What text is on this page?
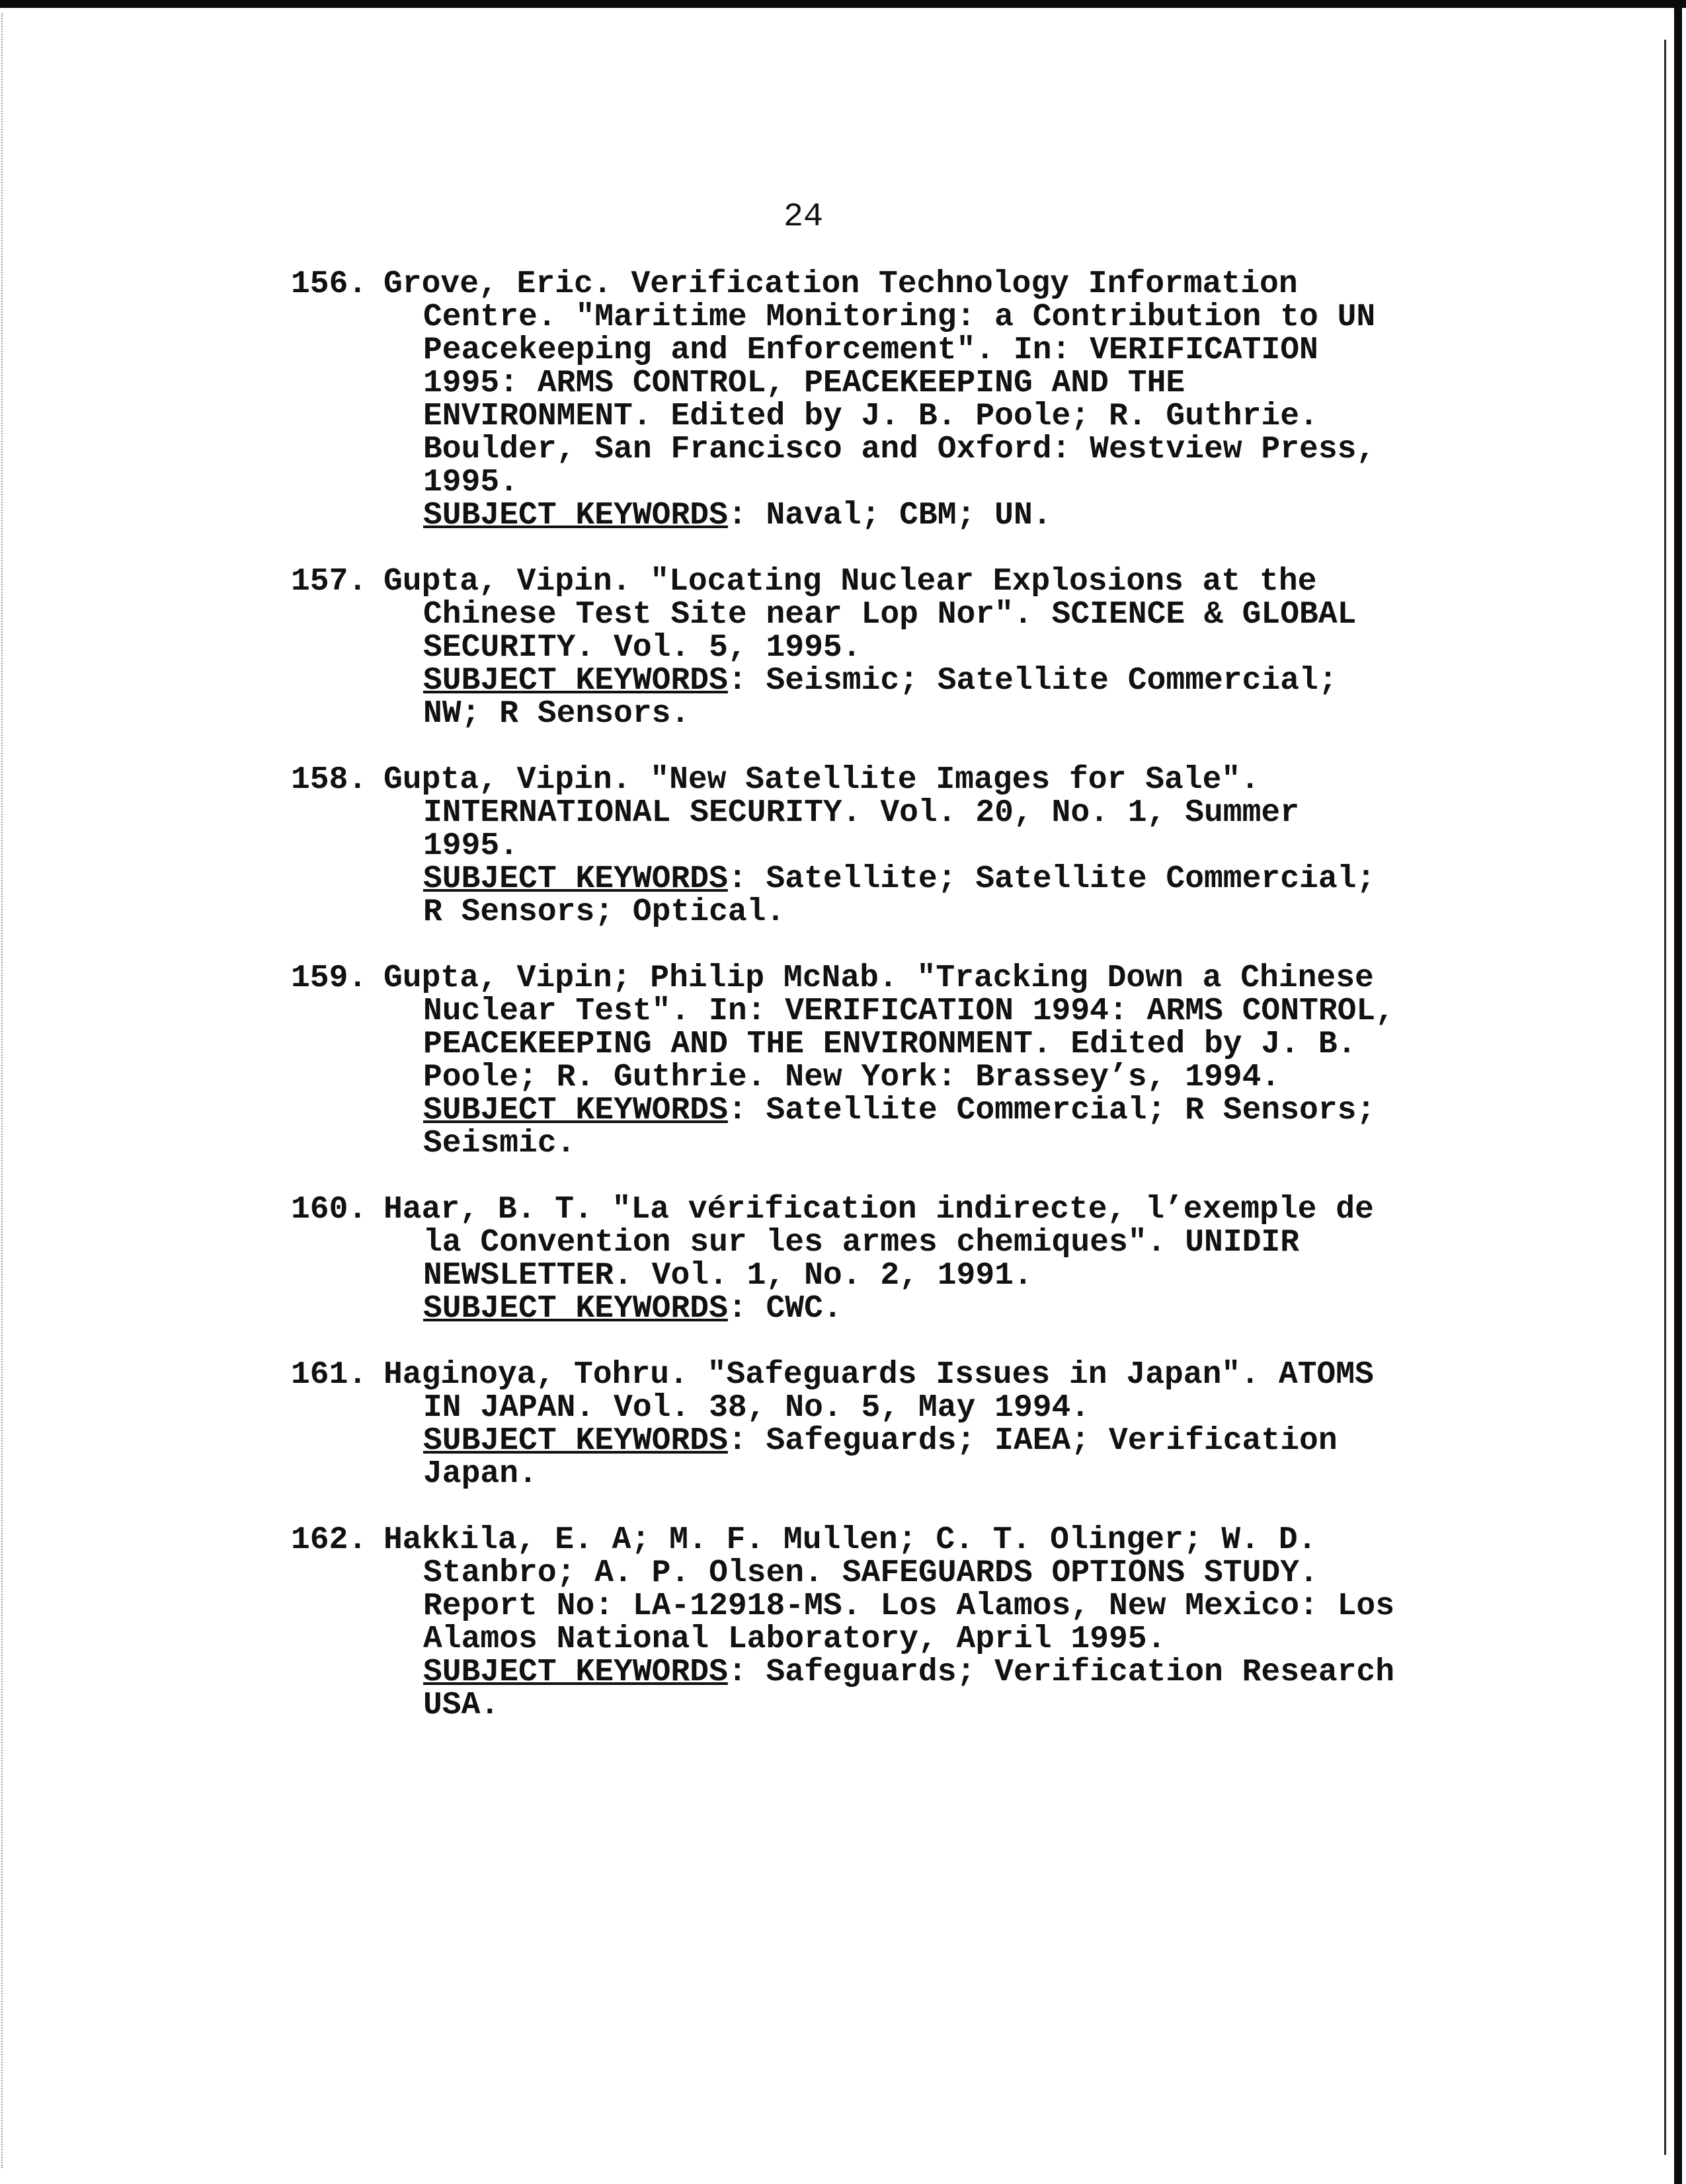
24
156. Grove, Eric. Verification Technology Information
Centre. "Maritime Monitoring: a Contribution to UN
Peacekeeping and Enforcement". In: VERIFICATION
1995: ARMS CONTROL, PEACEKEEPING AND THE
ENVIRONMENT. Edited by J. B. Poole; R. Guthrie.
Boulder, San Francisco and Oxford: Westview Press,
1995.
SUBJECT KEYWORDS: Naval; CBM; UN.
157. Gupta, Vipin. "Locating Nuclear Explosions at the
Chinese Test Site near Lop Nor". SCIENCE & GLOBAL
SECURITY. Vol. 5, 1995.
SUBJECT KEYWORDS: Seismic; Satellite Commercial;
NW; R Sensors.
158. Gupta, Vipin. "New Satellite Images for Sale".
INTERNATIONAL SECURITY. Vol. 20, No. 1, Summer
1995.
SUBJECT KEYWORDS: Satellite; Satellite Commercial;
R Sensors; Optical.
159. Gupta, Vipin; Philip McNab. "Tracking Down a Chinese
Nuclear Test". In: VERIFICATION 1994: ARMS CONTROL,
PEACEKEEPING AND THE ENVIRONMENT. Edited by J. B.
Poole; R. Guthrie. New York: Brassey’s, 1994.
SUBJECT KEYWORDS: Satellite Commercial; R Sensors;
Seismic.
160. Haar, B. T. "La vérification indirecte, l’exemple de
la Convention sur les armes chemiques". UNIDIR
NEWSLETTER. Vol. 1, No. 2, 1991.
SUBJECT KEYWORDS: CWC.
161. Haginoya, Tohru. "Safeguards Issues in Japan". ATOMS
IN JAPAN. Vol. 38, No. 5, May 1994.
SUBJECT KEYWORDS: Safeguards; IAEA; Verification
Japan.
162. Hakkila, E. A; M. F. Mullen; C. T. Olinger; W. D.
Stanbro; A. P. Olsen. SAFEGUARDS OPTIONS STUDY.
Report No: LA-12918-MS. Los Alamos, New Mexico: Los
Alamos National Laboratory, April 1995.
SUBJECT KEYWORDS: Safeguards; Verification Research
USA.
